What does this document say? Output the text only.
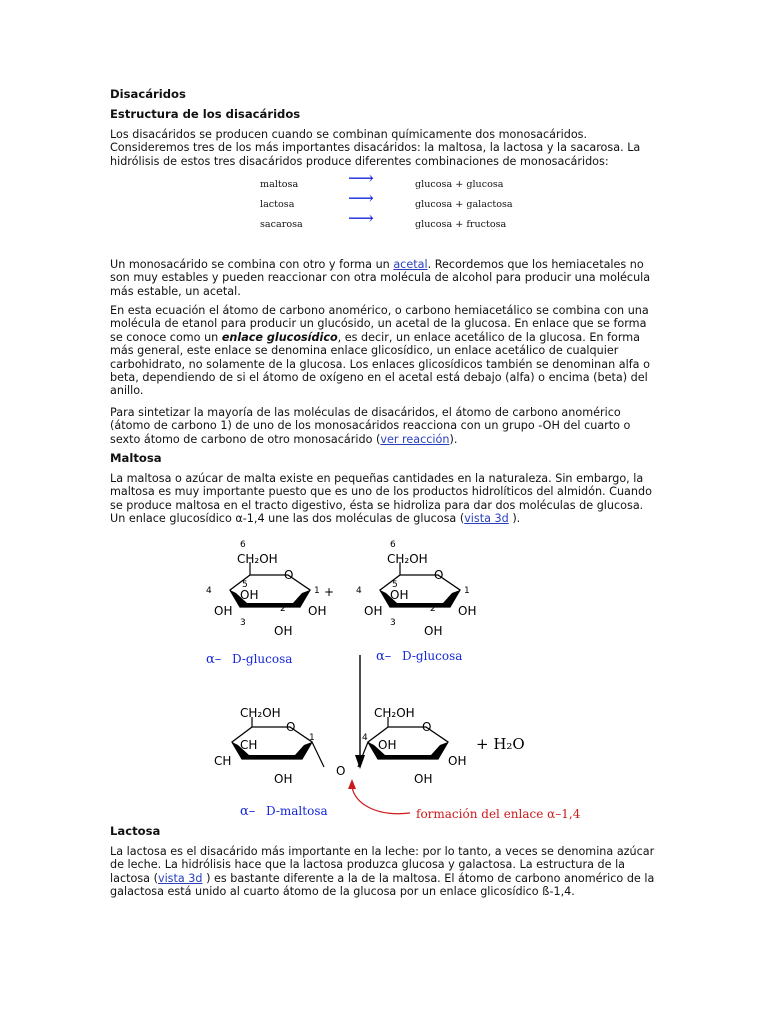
Disacáridos
Estructura de los disacáridos

Los disacáridos se producen cuando se combinan químicamente dos monosacáridos. Consideremos tres de los más importantes disacáridos: la maltosa, la lactosa y la sacarosa. La hidrólisis de estos tres disacáridos produce diferentes combinaciones de monosacáridos:

maltosa	⟶	glucosa + glucosa
lactosa	⟶	glucosa + galactosa
sacarosa	⟶	glucosa + fructosa

Un monosacárido se combina con otro y forma un acetal. Recordemos que los hemiacetales no son muy estables y pueden reaccionar con otra molécula de alcohol para producir una molécula más estable, un acetal.

En esta ecuación el átomo de carbono anomérico, o carbono hemiacetálico se combina con una molécula de etanol para producir un glucósido, un acetal de la glucosa. En enlace que se forma se conoce como un enlace glucosídico, es decir, un enlace acetálico de la glucosa. En forma más general, este enlace se denomina enlace glicosídico, un enlace acetálico de cualquier carbohidrato, no solamente de la glucosa. Los enlaces glicosídicos también se denominan alfa o beta, dependiendo de si el átomo de oxígeno en el acetal está debajo (alfa) o encima (beta) del anillo.

Para sintetizar la mayoría de las moléculas de disacáridos, el átomo de carbono anomérico (átomo de carbono 1) de uno de los monosacáridos reacciona con un grupo -OH del cuarto o sexto átomo de carbono de otro monosacárido (ver reacción).

Maltosa

La maltosa o azúcar de malta existe en pequeñas cantidades en la naturaleza. Sin embargo, la maltosa es muy importante puesto que es uno de los productos hidrolíticos del almidón. Cuando se produce maltosa en el tracto digestivo, ésta se hidroliza para dar dos moléculas de glucosa. Un enlace glucosídico α-1,4 une las dos moléculas de glucosa (vista 3d ).

6
CH₂OH
O
5
4	1
OH
OH	OH
2
3
OH
+
α– D-glucosa
6
CH₂OH
O
5
4	1
OH
OH	OH
2
3
OH
α– D-glucosa
CH₂OH	CH₂OH
O	O
1	4
CH	OH
CH	OH
OH	OH
O
+ H₂O
α– D-maltosa	formación del enlace α–1,4
Lactosa

La lactosa es el disacárido más importante en la leche: por lo tanto, a veces se denomina azúcar de leche. La hidrólisis hace que la lactosa produzca glucosa y galactosa. La estructura de la lactosa (vista 3d ) es bastante diferente a la de la maltosa. El átomo de carbono anomérico de la galactosa está unido al cuarto átomo de la glucosa por un enlace glicosídico ß-1,4.
